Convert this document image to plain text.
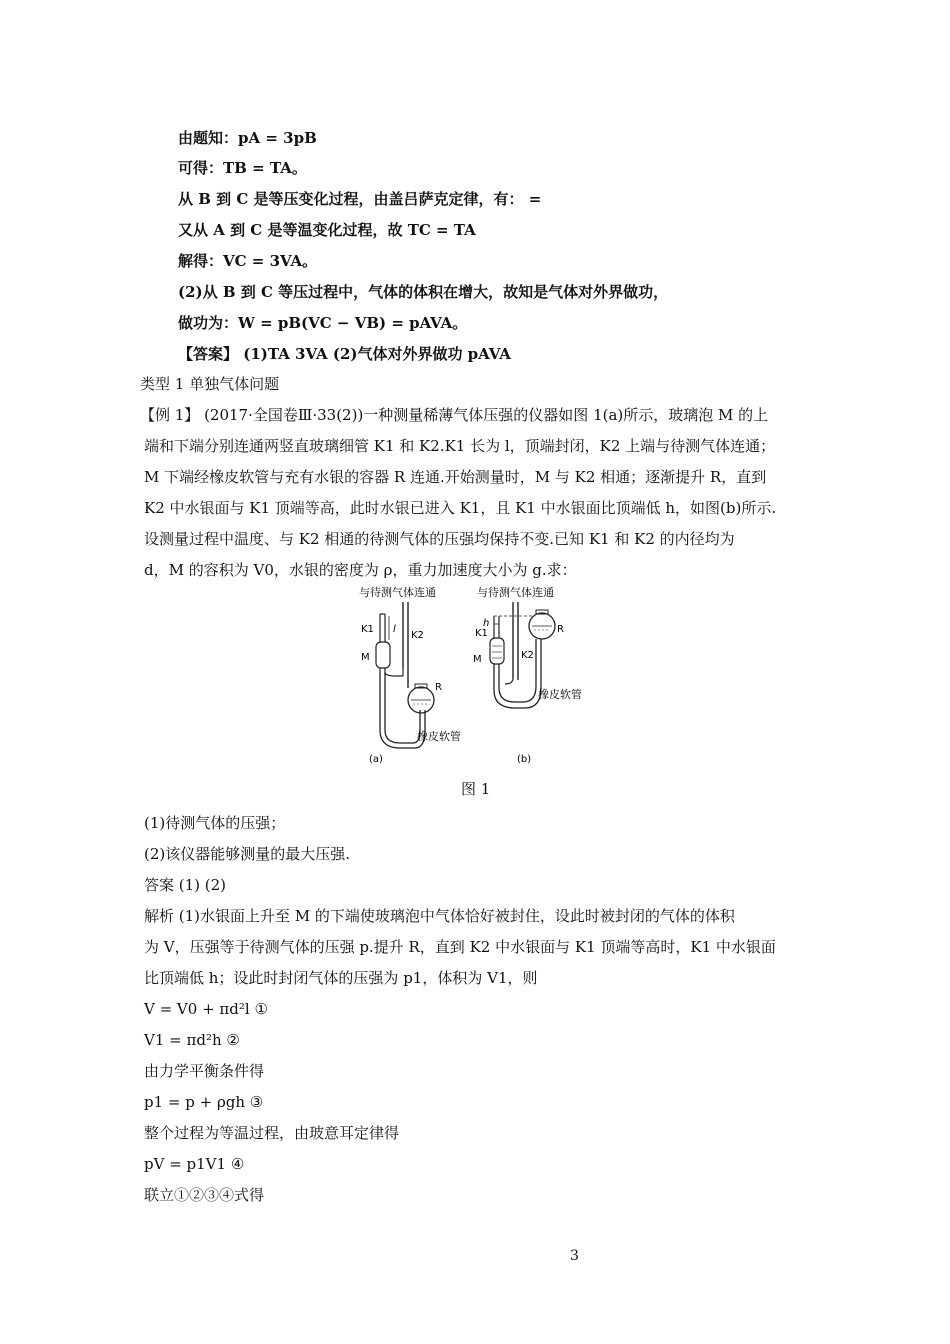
由题知：pA = 3pB
可得：TB = TA。
从 B 到 C 是等压变化过程，由盖吕萨克定律，有： =
又从 A 到 C 是等温变化过程，故 TC = TA
解得：VC = 3VA。
(2)从 B 到 C 等压过程中，气体的体积在增大，故知是气体对外界做功，
做功为：W = pB(VC − VB) = pAVA。
【答案】 (1)TA 3VA (2)气体对外界做功 pAVA
类型 1 单独气体问题
【例 1】 (2017·全国卷Ⅲ·33(2))一种测量稀薄气体压强的仪器如图 1(a)所示，玻璃泡 M 的上
端和下端分别连通两竖直玻璃细管 K1 和 K2.K1 长为 l，顶端封闭，K2 上端与待测气体连通；
M 下端经橡皮软管与充有水银的容器 R 连通.开始测量时，M 与 K2 相通；逐渐提升 R，直到
K2 中水银面与 K1 顶端等高，此时水银已进入 K1，且 K1 中水银面比顶端低 h，如图(b)所示.
设测量过程中温度、与 K2 相通的待测气体的压强均保持不变.已知 K1 和 K2 的内径均为
d，M 的容积为 V0，水银的密度为 ρ，重力加速度大小为 g.求：
与待测气体连通
K1 l
K2
M
R
橡皮软管
(a)
与待测气体连通
h
K1
K2
M
R
橡皮软管
(b)
图 1
(1)待测气体的压强；
(2)该仪器能够测量的最大压强.
答案 (1) (2)
解析 (1)水银面上升至 M 的下端使玻璃泡中气体恰好被封住，设此时被封闭的气体的体积
为 V，压强等于待测气体的压强 p.提升 R，直到 K2 中水银面与 K1 顶端等高时，K1 中水银面
比顶端低 h；设此时封闭气体的压强为 p1，体积为 V1，则
V = V0 + πd²l ①
V1 = πd²h ②
由力学平衡条件得
p1 = p + ρgh ③
整个过程为等温过程，由玻意耳定律得
pV = p1V1 ④
联立①②③④式得
3
